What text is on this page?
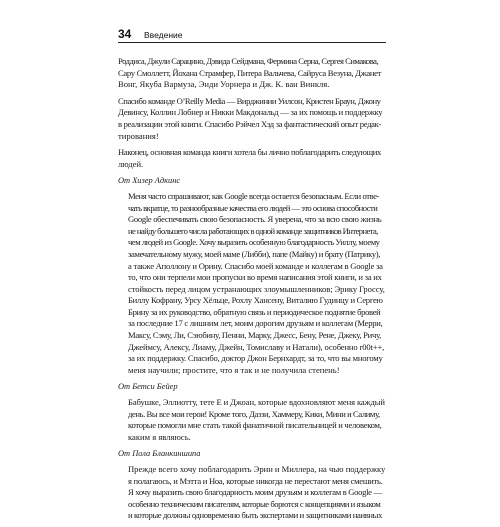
34 Введение

Роддиса, Джули Сарацино, Дэвида Сейдмана, Фермина Серна, Сергея Симакова,
Сару Смоллетт, Йохана Страмфер, Питера Вальчева, Сайруса Везуна, Джанет
Вонг, Якуба Вармуза, Энди Уорнера и Дж. К. ван Винкля.

Спасибо команде O’Reilly Media — Вирджинии Уилсон, Кристен Браун, Джону
Девинсу, Коллин Лобнер и Никки Макдональд — за их помощь и поддержку
в реализации этой книги. Спасибо Рэйчел Хэд за фантастический опыт редак-
тирования!

Наконец, основная команда книги хотела бы лично поблагодарить следующих
людей.

От Хизер Адкинс

Меня часто спрашивают, как Google всегда остается безопасным. Если отве-
чать вкратце, то разнообразные качества его людей — это основа способности
Google обеспечивать свою безопасность. Я уверена, что за всю свою жизнь
не найду большего числа работающих в одной команде защитников Интернета,
чем людей из Google. Хочу выразить особенную благодарность Уиллу, моему
замечательному мужу, моей маме (Либби), папе (Майку) и брату (Патрику),
а также Аполлону и Орину. Спасибо моей команде и коллегам в Google за
то, что они терпели мои пропуски во время написания этой книги, и за их
стойкость перед лицом устранающих злоумышленников; Эрику Гроссу,
Биллу Кофрану, Урсу Хёльце, Рохлу Хансену, Виталию Гудинцу и Сергею
Брину за их руководство, обратную связь и периодическое поднятие бровей
за последние 17 с лишним лет, моим дорогим друзьям и коллегам (Мерри,
Максу, Сэму, Ли, Сэюбину, Пенни, Марку, Джесс, Бену, Рене, Джеку, Ричу,
Джеймсу, Алексу, Лиаму, Джейн, Томиславу и Натали), особенно r00t++,
за их поддержку. Спасибо, доктор Джон Бернхардт, за то, что вы многому
меня научили; простите, что я так и не получила степень!

От Бетси Бейер

Бабушке, Эллиотту, тете Е и Джоан, которые вдохновляют меня каждый
день. Вы все мои герои! Кроме того, Даззи, Хаммеру, Кики, Мини и Салиму,
которые помогли мне стать такой фанатичной писательницей и человеком,
каким я являюсь.

От Пола Бланкиншипа

Прежде всего хочу поблагодарить Эрин и Миллера, на чью поддержку
я полагаюсь, и Мэтта и Ноа, которые никогда не перестают меня смешить.
Я хочу выразить свою благодарность моим друзьям и коллегам в Google —
особенно техническим писателям, которые борются с концепциями и языком
и которые должны одновременно быть экспертами и защитниками наивных
